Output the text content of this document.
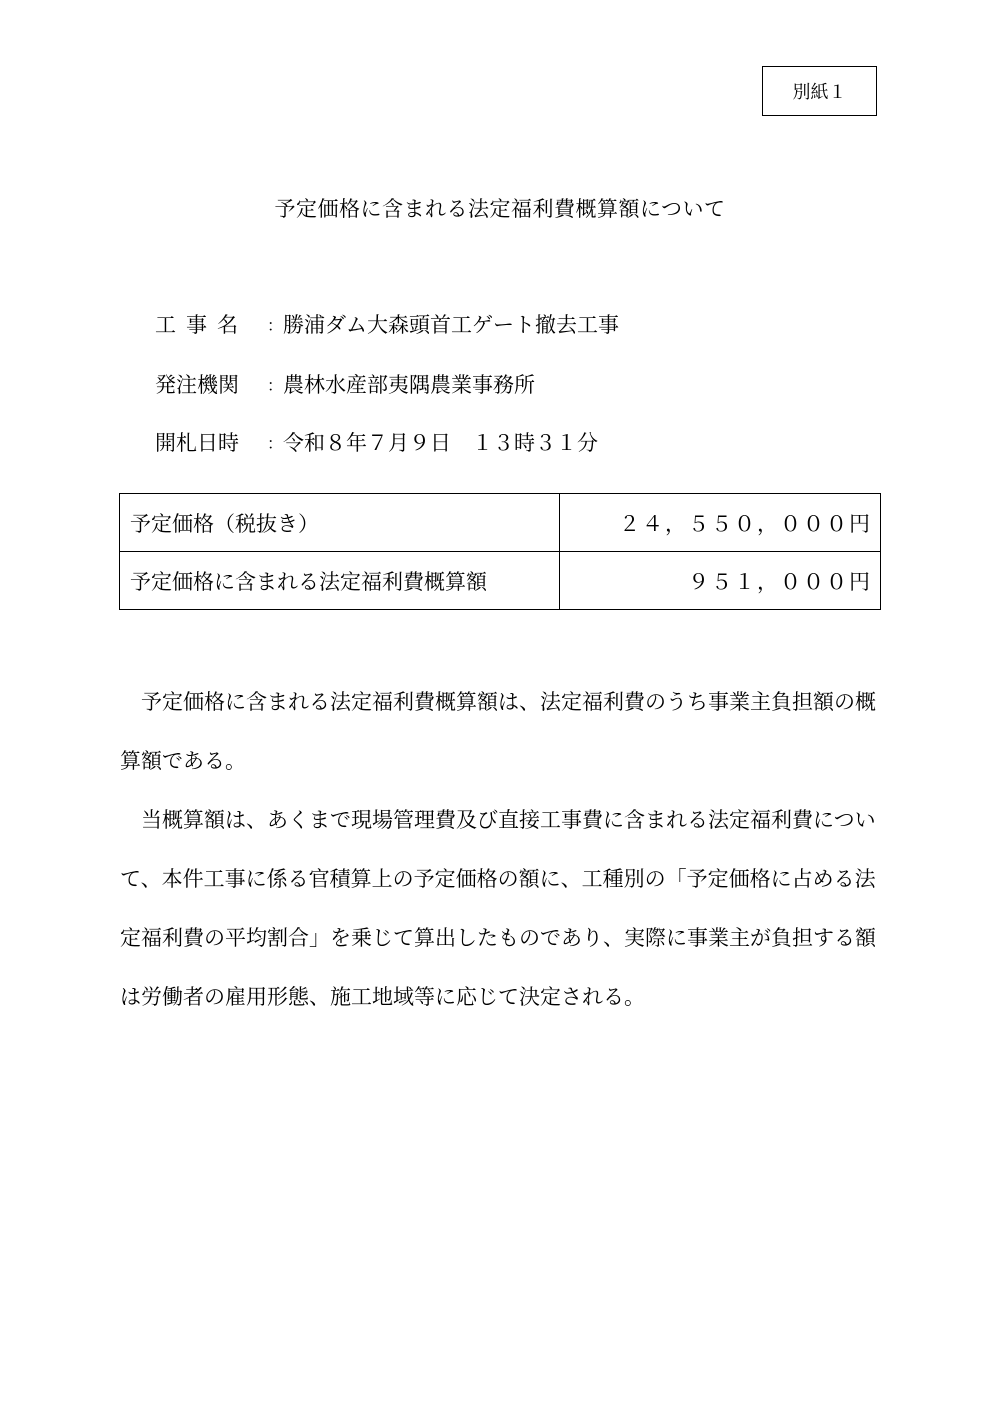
別紙１
予定価格に含まれる法定福利費概算額について
工事名	： 勝浦ダム大森頭首工ゲート撤去工事
発注機関	： 農林水産部夷隅農業事務所
開札日時	： 令和８年７月９日　１３時３１分
予定価格（税抜き）	２４，５５０，０００円
予定価格に含まれる法定福利費概算額	９５１，０００円

予定価格に含まれる法定福利費概算額は、法定福利費のうち事業主負担額の概算額である。

当概算額は、あくまで現場管理費及び直接工事費に含まれる法定福利費について、本件工事に係る官積算上の予定価格の額に、工種別の「予定価格に占める法定福利費の平均割合」を乗じて算出したものであり、実際に事業主が負担する額は労働者の雇用形態、施工地域等に応じて決定される。
